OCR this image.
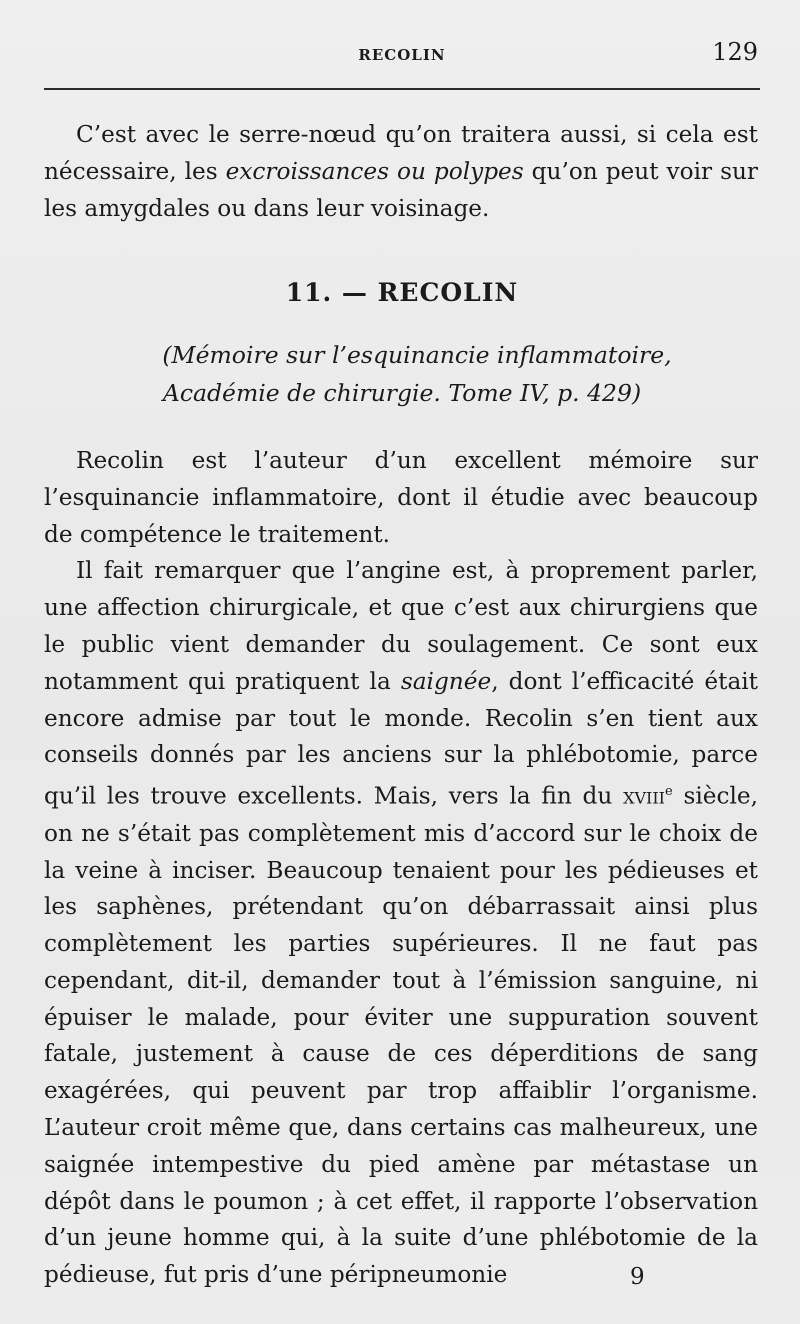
RECOLIN	129

C’est avec le serre-nœud qu’on traitera aussi, si cela est nécessaire, les excroissances ou polypes qu’on peut voir sur les amygdales ou dans leur voisinage.

11. — RECOLIN
(Mémoire sur l’esquinancie inflammatoire,
Académie de chirurgie. Tome IV, p. 429)

Recolin est l’auteur d’un excellent mémoire sur l’esquinancie inflammatoire, dont il étudie avec beaucoup de compétence le traitement.

Il fait remarquer que l’angine est, à proprement parler, une affection chirurgicale, et que c’est aux chirurgiens que le public vient demander du soulagement. Ce sont eux notamment qui pratiquent la saignée, dont l’efficacité était encore admise par tout le monde. Recolin s’en tient aux conseils donnés par les anciens sur la phlébotomie, parce qu’il les trouve excellents. Mais, vers la fin du xviii$^e$ siècle, on ne s’était pas complètement mis d’accord sur le choix de la veine à inciser. Beaucoup tenaient pour les pédieuses et les saphènes, prétendant qu’on débarrassait ainsi plus complètement les parties supérieures. Il ne faut pas cependant, dit-il, demander tout à l’émission sanguine, ni épuiser le malade, pour éviter une suppuration souvent fatale, justement à cause de ces déperditions de sang exagérées, qui peuvent par trop affaiblir l’organisme. L’auteur croit même que, dans certains cas malheureux, une saignée intempestive du pied amène par métastase un dépôt dans le poumon ; à cet effet, il rapporte l’observation d’un jeune homme qui, à la suite d’une phlébotomie de la pédieuse, fut pris d’une péripneumonie	9
